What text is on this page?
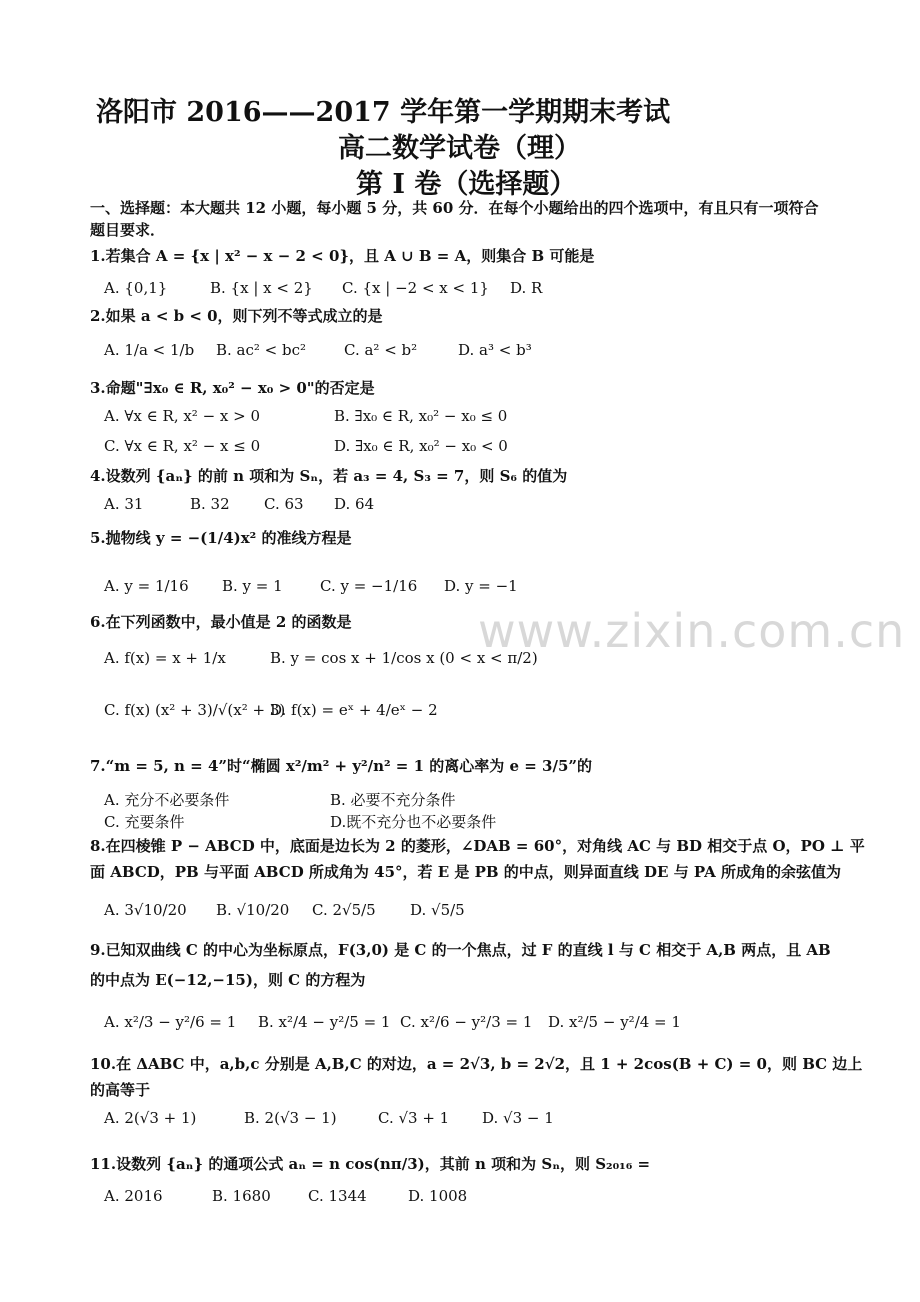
洛阳市 2016——2017 学年第一学期期末考试
高二数学试卷（理）
第 I 卷（选择题）
一、选择题：本大题共 12 小题，每小题 5 分，共 60 分．在每个小题给出的四个选项中，有且只有一项符合
题目要求．
1.若集合 A = {x | x² − x − 2 < 0}，且 A ∪ B = A，则集合 B 可能是
A. {0,1}	B. {x | x < 2} C. {x | −2 < x < 1} D. R
2.如果 a < b < 0，则下列不等式成立的是
A. 1/a < 1/b B. ac² < bc²	C. a² < b²	D. a³ < b³
3.命题"∃x₀ ∈ R, x₀² − x₀ > 0"的否定是
A. ∀x ∈ R, x² − x > 0	B. ∃x₀ ∈ R, x₀² − x₀ ≤ 0
C. ∀x ∈ R, x² − x ≤ 0	D. ∃x₀ ∈ R, x₀² − x₀ < 0
4.设数列 {aₙ} 的前 n 项和为 Sₙ，若 a₃ = 4, S₃ = 7，则 S₆ 的值为
A. 31	B. 32 C. 63 D. 64
5.抛物线 y = −(1/4)x² 的准线方程是
A. y = 1/16 B. y = 1 C. y = −1/16 D. y = −1
6.在下列函数中，最小值是 2 的函数是
A. f(x) = x + 1/x	B. y = cos x + 1/cos x (0 < x < π/2)
C. f(x) (x² + 3)/√(x² + 3)
D. f(x) = eˣ + 4/eˣ − 2
7.“m = 5, n = 4”时“椭圆 x²/m² + y²/n² = 1 的离心率为 e = 3/5”的
A. 充分不必要条件	B. 必要不充分条件
C. 充要条件	D.既不充分也不必要条件
8.在四棱锥 P − ABCD 中，底面是边长为 2 的菱形，∠DAB = 60°，对角线 AC 与 BD 相交于点 O，PO ⊥ 平
面 ABCD，PB 与平面 ABCD 所成角为 45°，若 E 是 PB 的中点，则异面直线 DE 与 PA 所成角的余弦值为
A. 3√10/20 B. √10/20 C. 2√5/5 D. √5/5
9.已知双曲线 C 的中心为坐标原点，F(3,0) 是 C 的一个焦点，过 F 的直线 l 与 C 相交于 A,B 两点，且 AB
的中点为 E(−12,−15)，则 C 的方程为
A. x²/3 − y²/6 = 1 B. x²/4 − y²/5 = 1 C. x²/6 − y²/3 = 1 D. x²/5 − y²/4 = 1
10.在 ΔABC 中，a,b,c 分别是 A,B,C 的对边，a = 2√3, b = 2√2，且 1 + 2cos(B + C) = 0，则 BC 边上
的高等于
A. 2(√3 + 1)	B. 2(√3 − 1)	C. √3 + 1 D. √3 − 1
11.设数列 {aₙ} 的通项公式 aₙ = n cos(nπ/3)，其前 n 项和为 Sₙ，则 S₂₀₁₆ =
A. 2016	B. 1680 C. 1344	D. 1008
www.zixin.com.cn
